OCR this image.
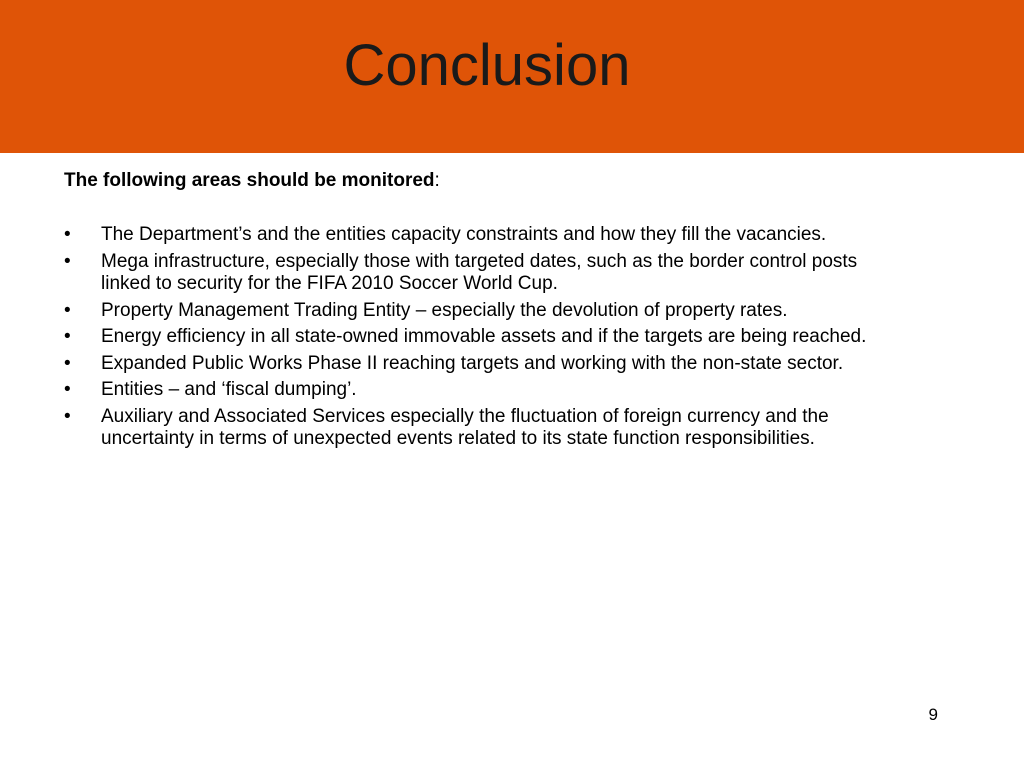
Conclusion

The following areas should be monitored:

•	The Department’s and the entities capacity constraints and how they fill the vacancies.
•	Mega infrastructure, especially those with targeted dates, such as the border control posts linked to security for the FIFA 2010 Soccer World Cup.
•	Property Management Trading Entity – especially the devolution of property rates.
•	Energy efficiency in all state-owned immovable assets and if the targets are being reached.
•	Expanded Public Works Phase II reaching targets and working with the non-state sector.
•	Entities – and ‘fiscal dumping’.
•	Auxiliary and Associated Services especially the fluctuation of foreign currency and the uncertainty in terms of unexpected events related to its state function responsibilities.

9
